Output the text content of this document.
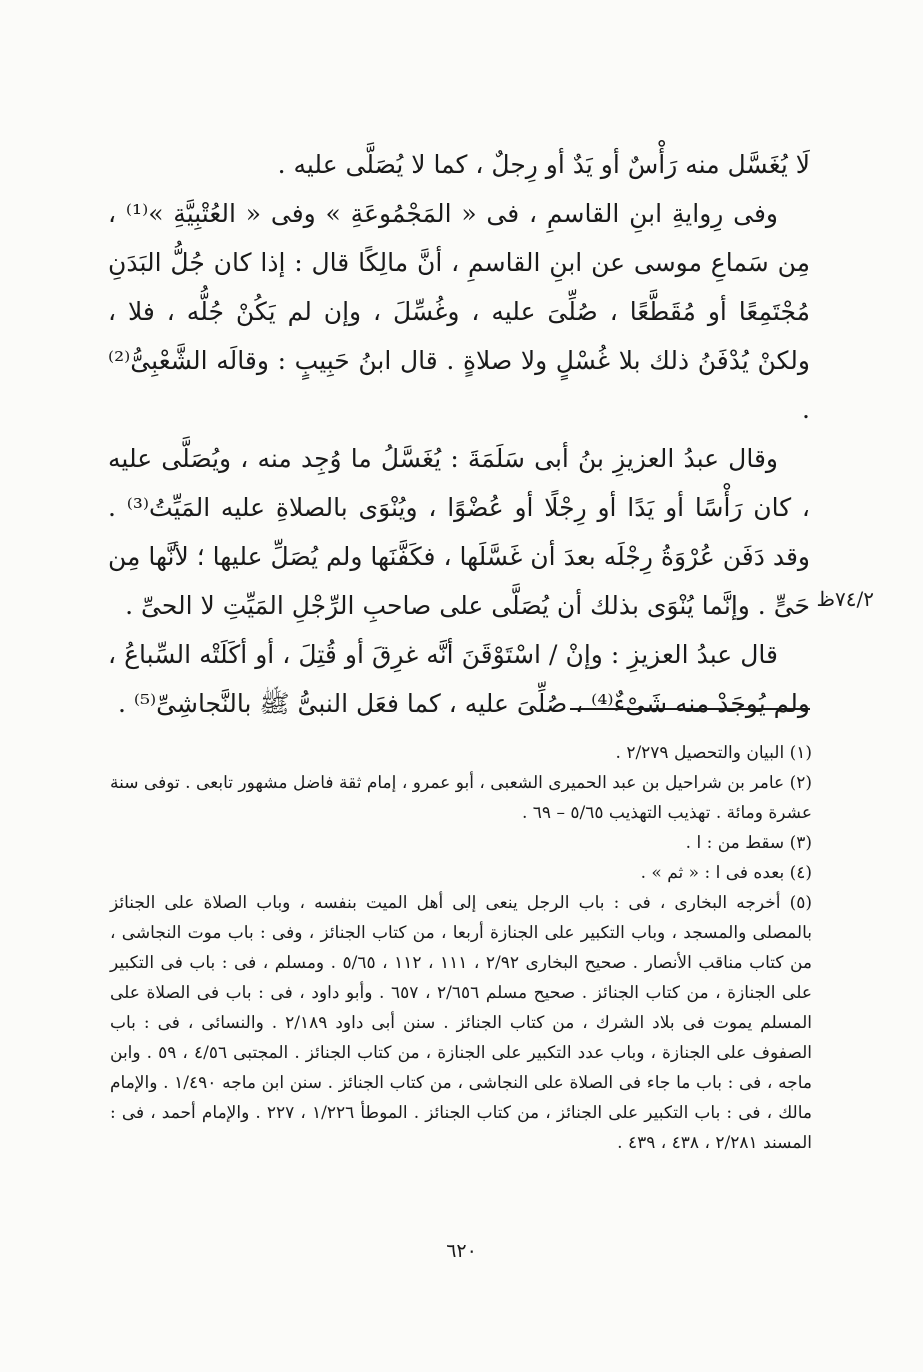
لَا يُغَسَّل منه رَأْسٌ أو يَدٌ أو رِجلٌ ، كما لا يُصَلَّى عليه .

وفى رِوايةِ ابنِ القاسمِ ، فى « المَجْمُوعَةِ » وفى « العُتْبِيَّةِ »⁽¹⁾ ، مِن سَماعِ موسى عن ابنِ القاسمِ ، أنَّ مالِكًا قال : إذا كان جُلُّ البَدَنِ مُجْتَمِعًا أو مُقَطَّعًا ، صُلِّىَ عليه ، وغُسِّلَ ، وإن لم يَكُنْ جُلُّه ، فلا ، ولكنْ يُدْفَنُ ذلك بلا غُسْلٍ ولا صلاةٍ . قال ابنُ حَبِيبٍ : وقالَه الشَّعْبِىُّ⁽²⁾ .

وقال عبدُ العزيزِ بنُ أبى سَلَمَةَ : يُغَسَّلُ ما وُجِد منه ، ويُصَلَّى عليه ، كان رَأْسًا أو يَدًا أو رِجْلًا أو عُضْوًا ، ويُنْوَى بالصلاةِ عليه المَيِّتُ⁽³⁾ . وقد دَفَن عُرْوَةُ رِجْلَه بعدَ أن غَسَّلَها ، فكَفَّنَها ولم يُصَلِّ عليها ؛ لأنَّها مِن حَىٍّ . وإنَّما يُنْوَى بذلك أن يُصَلَّى على صاحبِ الرِّجْلِ المَيِّتِ لا الحىِّ .

قال عبدُ العزيزِ : وإنْ / اسْتَوْقَنَ أنَّه غرِقَ أو قُتِلَ ، أو أكَلَتْه السِّباعُ ، ولم يُوجَدْ منه شَىْءٌ⁽⁴⁾ ، صُلِّىَ عليه ، كما فعَل النبىُّ ﷺ بالنَّجاشِىِّ⁽⁵⁾ .

٧٤/٢ظ

(١) البيان والتحصيل ٢/٢٧٩ .

(٢) عامر بن شراحيل بن عبد الحميرى الشعبى ، أبو عمرو ، إمام ثقة فاضل مشهور تابعى . توفى سنة عشرة ومائة . تهذيب التهذيب ٥/٦٥ – ٦٩ .

(٣) سقط من : ا .

(٤) بعده فى ا : « ثم » .

(٥) أخرجه البخارى ، فى : باب الرجل ينعى إلى أهل الميت بنفسه ، وباب الصلاة على الجنائز بالمصلى والمسجد ، وباب التكبير على الجنازة أربعا ، من كتاب الجنائز ، وفى : باب موت النجاشى ، من كتاب مناقب الأنصار . صحيح البخارى ٢/٩٢ ، ١١١ ، ١١٢ ، ٥/٦٥ . ومسلم ، فى : باب فى التكبير على الجنازة ، من كتاب الجنائز . صحيح مسلم ٢/٦٥٦ ، ٦٥٧ . وأبو داود ، فى : باب فى الصلاة على المسلم يموت فى بلاد الشرك ، من كتاب الجنائز . سنن أبى داود ٢/١٨٩ . والنسائى ، فى : باب الصفوف على الجنازة ، وباب عدد التكبير على الجنازة ، من كتاب الجنائز . المجتبى ٤/٥٦ ، ٥٩ . وابن ماجه ، فى : باب ما جاء فى الصلاة على النجاشى ، من كتاب الجنائز . سنن ابن ماجه ١/٤٩٠ . والإمام مالك ، فى : باب التكبير على الجنائز ، من كتاب الجنائز . الموطأ ١/٢٢٦ ، ٢٢٧ . والإمام أحمد ، فى : المسند ٢/٢٨١ ، ٤٣٨ ، ٤٣٩ .

٦٢٠
